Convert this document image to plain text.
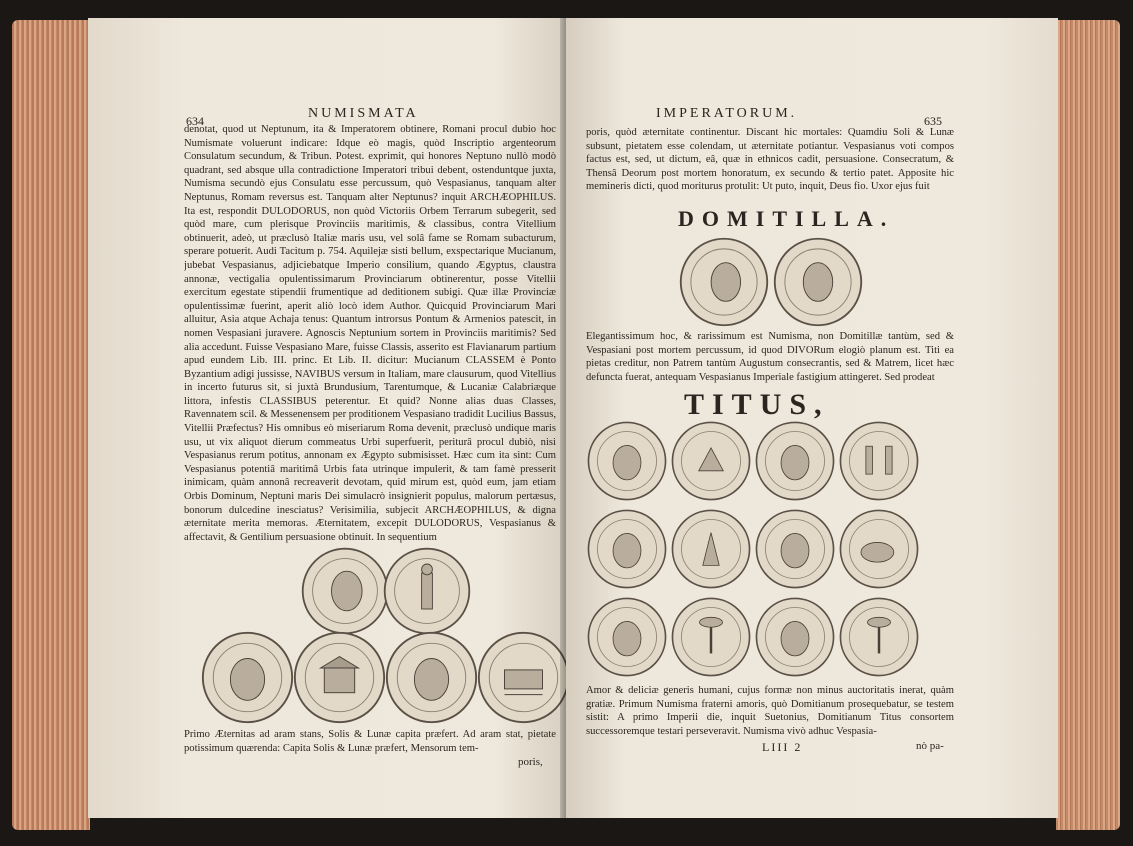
634	NUMISMATA

denotat, quod ut Neptunum, ita & Imperatorem obtinere, Romani procul dubio hoc Numismate voluerunt indicare: Idque eò magis, quòd Inscriptio argenteorum Consulatum secundum, & Tribun. Potest. exprimit, qui honores Neptuno nullò modò quadrant, sed absque ulla contradictione Imperatori tribui debent, ostenduntque juxta, Numisma secundò ejus Consulatu esse percussum, quò Vespasianus, tanquam alter Neptunus, Romam reversus est. Tanquam alter Neptunus? inquit ARCHÆOPHILUS. Ita est, respondit DULODORUS, non quòd Victoriis Orbem Terrarum subegerit, sed quòd mare, cum plerisque Provinciis maritimis, & classibus, contra Vitellium obtinuerit, adeò, ut præclusò Italiæ maris usu, vel solâ fame se Romam subacturum, sperare potuerit. Audi Tacitum p. 754. Aquilejæ sisti bellum, exspectarique Mucianum, jubebat Vespasianus, adjiciebatque Imperio consilium, quando Ægyptus, claustra annonæ, vectigalia opulentissimarum Provinciarum obtinerentur, posse Vitellii exercitum egestate stipendii frumentique ad deditionem subigi. Quæ illæ Provinciæ opulentissimæ fuerint, aperit aliò locò idem Author. Quicquid Provinciarum Mari alluitur, Asia atque Achaja tenus: Quantum introrsus Pontum & Armenios patescit, in nomen Vespasiani juravere. Agnoscis Neptunium sortem in Provinciis maritimis? Sed alia accedunt. Fuisse Vespasiano Mare, fuisse Classis, asserito est Flavianarum partium apud eundem Lib. III. princ. Et Lib. II. dicitur: Mucianum CLASSEM è Ponto Byzantium adigi jussisse, NAVIBUS versum in Italiam, mare clausurum, quod Vitellius in incerto futurus sit, si juxtà Brundusium, Tarentumque, & Lucaniæ Calabriæque littora, infestis CLASSIBUS peterentur. Et quid? Nonne alias duas Classes, Ravennatem scil. & Messenensem per proditionem Vespasiano tradidit Lucilius Bassus, Vitellii Præfectus? His omnibus eò miseriarum Roma devenit, præclusò undique maris usu, ut vix aliquot dierum commeatus Urbi superfuerit, periturâ procul dubiò, nisi Vespasianus rerum potitus, annonam ex Ægypto submisisset. Hæc cum ita sint: Cum Vespasianus potentiâ maritimâ Urbis fata utrinque impulerit, & tam famè presserit inimicam, quàm annonâ recreaverit devotam, quid mirum est, quòd eum, jam etiam Orbis Dominum, Neptuni maris Dei simulacrò insignierit populus, malorum pertæsus, bonorum dulcedine inesciatus? Verisimilia, subjecit ARCHÆOPHILUS, & digna æternitate merita memoras. Æternitatem, excepit DULODORUS, Vespasianus & affectavit, & Gentilium persuasione obtinuit. In sequentium

Primo Æternitas ad aram stans, Solis & Lunæ capita præfert. Ad aram stat, pietate potissimum quærenda: Capita Solis & Lunæ præfert, Mensorum tem-

poris,
IMPERATORUM.	635

poris, quòd æternitate continentur. Discant hic mortales: Quamdiu Soli & Lunæ subsunt, pietatem esse colendam, ut æternitate potiantur. Vespasianus voti compos factus est, sed, ut dictum, eâ, quæ in ethnicos cadit, persuasione. Consecratum, & Thensâ Deorum post mortem honoratum, ex secundo & tertio patet. Apposite hic memineris dicti, quod moriturus protulit: Ut puto, inquit, Deus fio. Uxor ejus fuit

DOMITILLA.

Elegantissimum hoc, & rarissimum est Numisma, non Domitillæ tantùm, sed & Vespasiani post mortem percussum, id quod DIVORum elogiò planum est. Titi ea pietas creditur, non Patrem tantùm Augustum consecrantis, sed & Matrem, licet hæc defuncta fuerat, antequam Vespasianus Imperiale fastigium attingeret. Sed prodeat

TITUS,

Amor & deliciæ generis humani, cujus formæ non minus auctoritatis inerat, quàm gratiæ. Primum Numisma fraterni amoris, quò Domitianum prosequebatur, se testem sistit: A primo Imperii die, inquit Suetonius, Domitianum Titus consortem successoremque testari perseveravit. Numisma vivò adhuc Vespasia-

LIII 2	nò pa-
